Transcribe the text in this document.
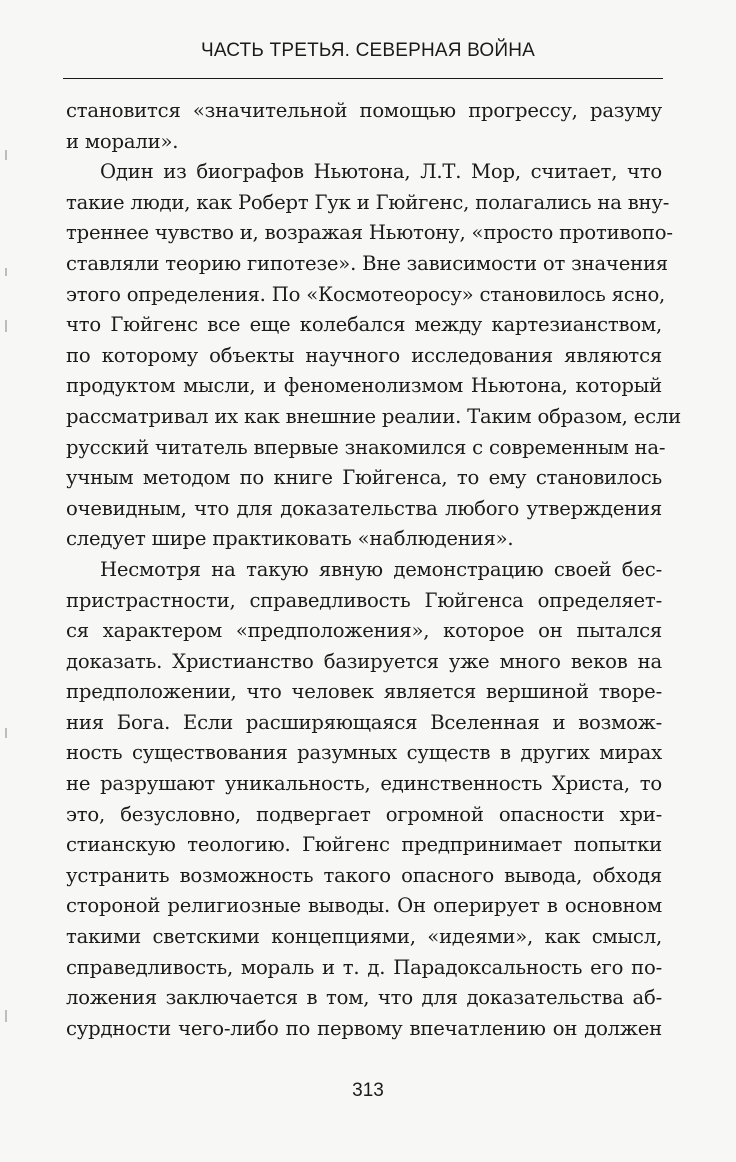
ЧАСТЬ ТРЕТЬЯ. СЕВЕРНАЯ ВОЙНА
становится «значительной помощью прогрессу, разуму
и морали».
Один из биографов Ньютона, Л.Т. Мор, считает, что
такие люди, как Роберт Гук и Гюйгенс, полагались на вну-
треннее чувство и, возражая Ньютону, «просто противопо-
ставляли теорию гипотезе». Вне зависимости от значения
этого определения. По «Космотеоросу» становилось ясно,
что Гюйгенс все еще колебался между картезианством,
по которому объекты научного исследования являются
продуктом мысли, и феноменолизмом Ньютона, который
рассматривал их как внешние реалии. Таким образом, если
русский читатель впервые знакомился с современным на-
учным методом по книге Гюйгенса, то ему становилось
очевидным, что для доказательства любого утверждения
следует шире практиковать «наблюдения».
Несмотря на такую явную демонстрацию своей бес-
пристрастности, справедливость Гюйгенса определяет-
ся характером «предположения», которое он пытался
доказать. Христианство базируется уже много веков на
предположении, что человек является вершиной творе-
ния Бога. Если расширяющаяся Вселенная и возмож-
ность существования разумных существ в других мирах
не разрушают уникальность, единственность Христа, то
это, безусловно, подвергает огромной опасности хри-
стианскую теологию. Гюйгенс предпринимает попытки
устранить возможность такого опасного вывода, обходя
стороной религиозные выводы. Он оперирует в основном
такими светскими концепциями, «идеями», как смысл,
справедливость, мораль и т. д. Парадоксальность его по-
ложения заключается в том, что для доказательства аб-
сурдности чего-либо по первому впечатлению он должен
313
